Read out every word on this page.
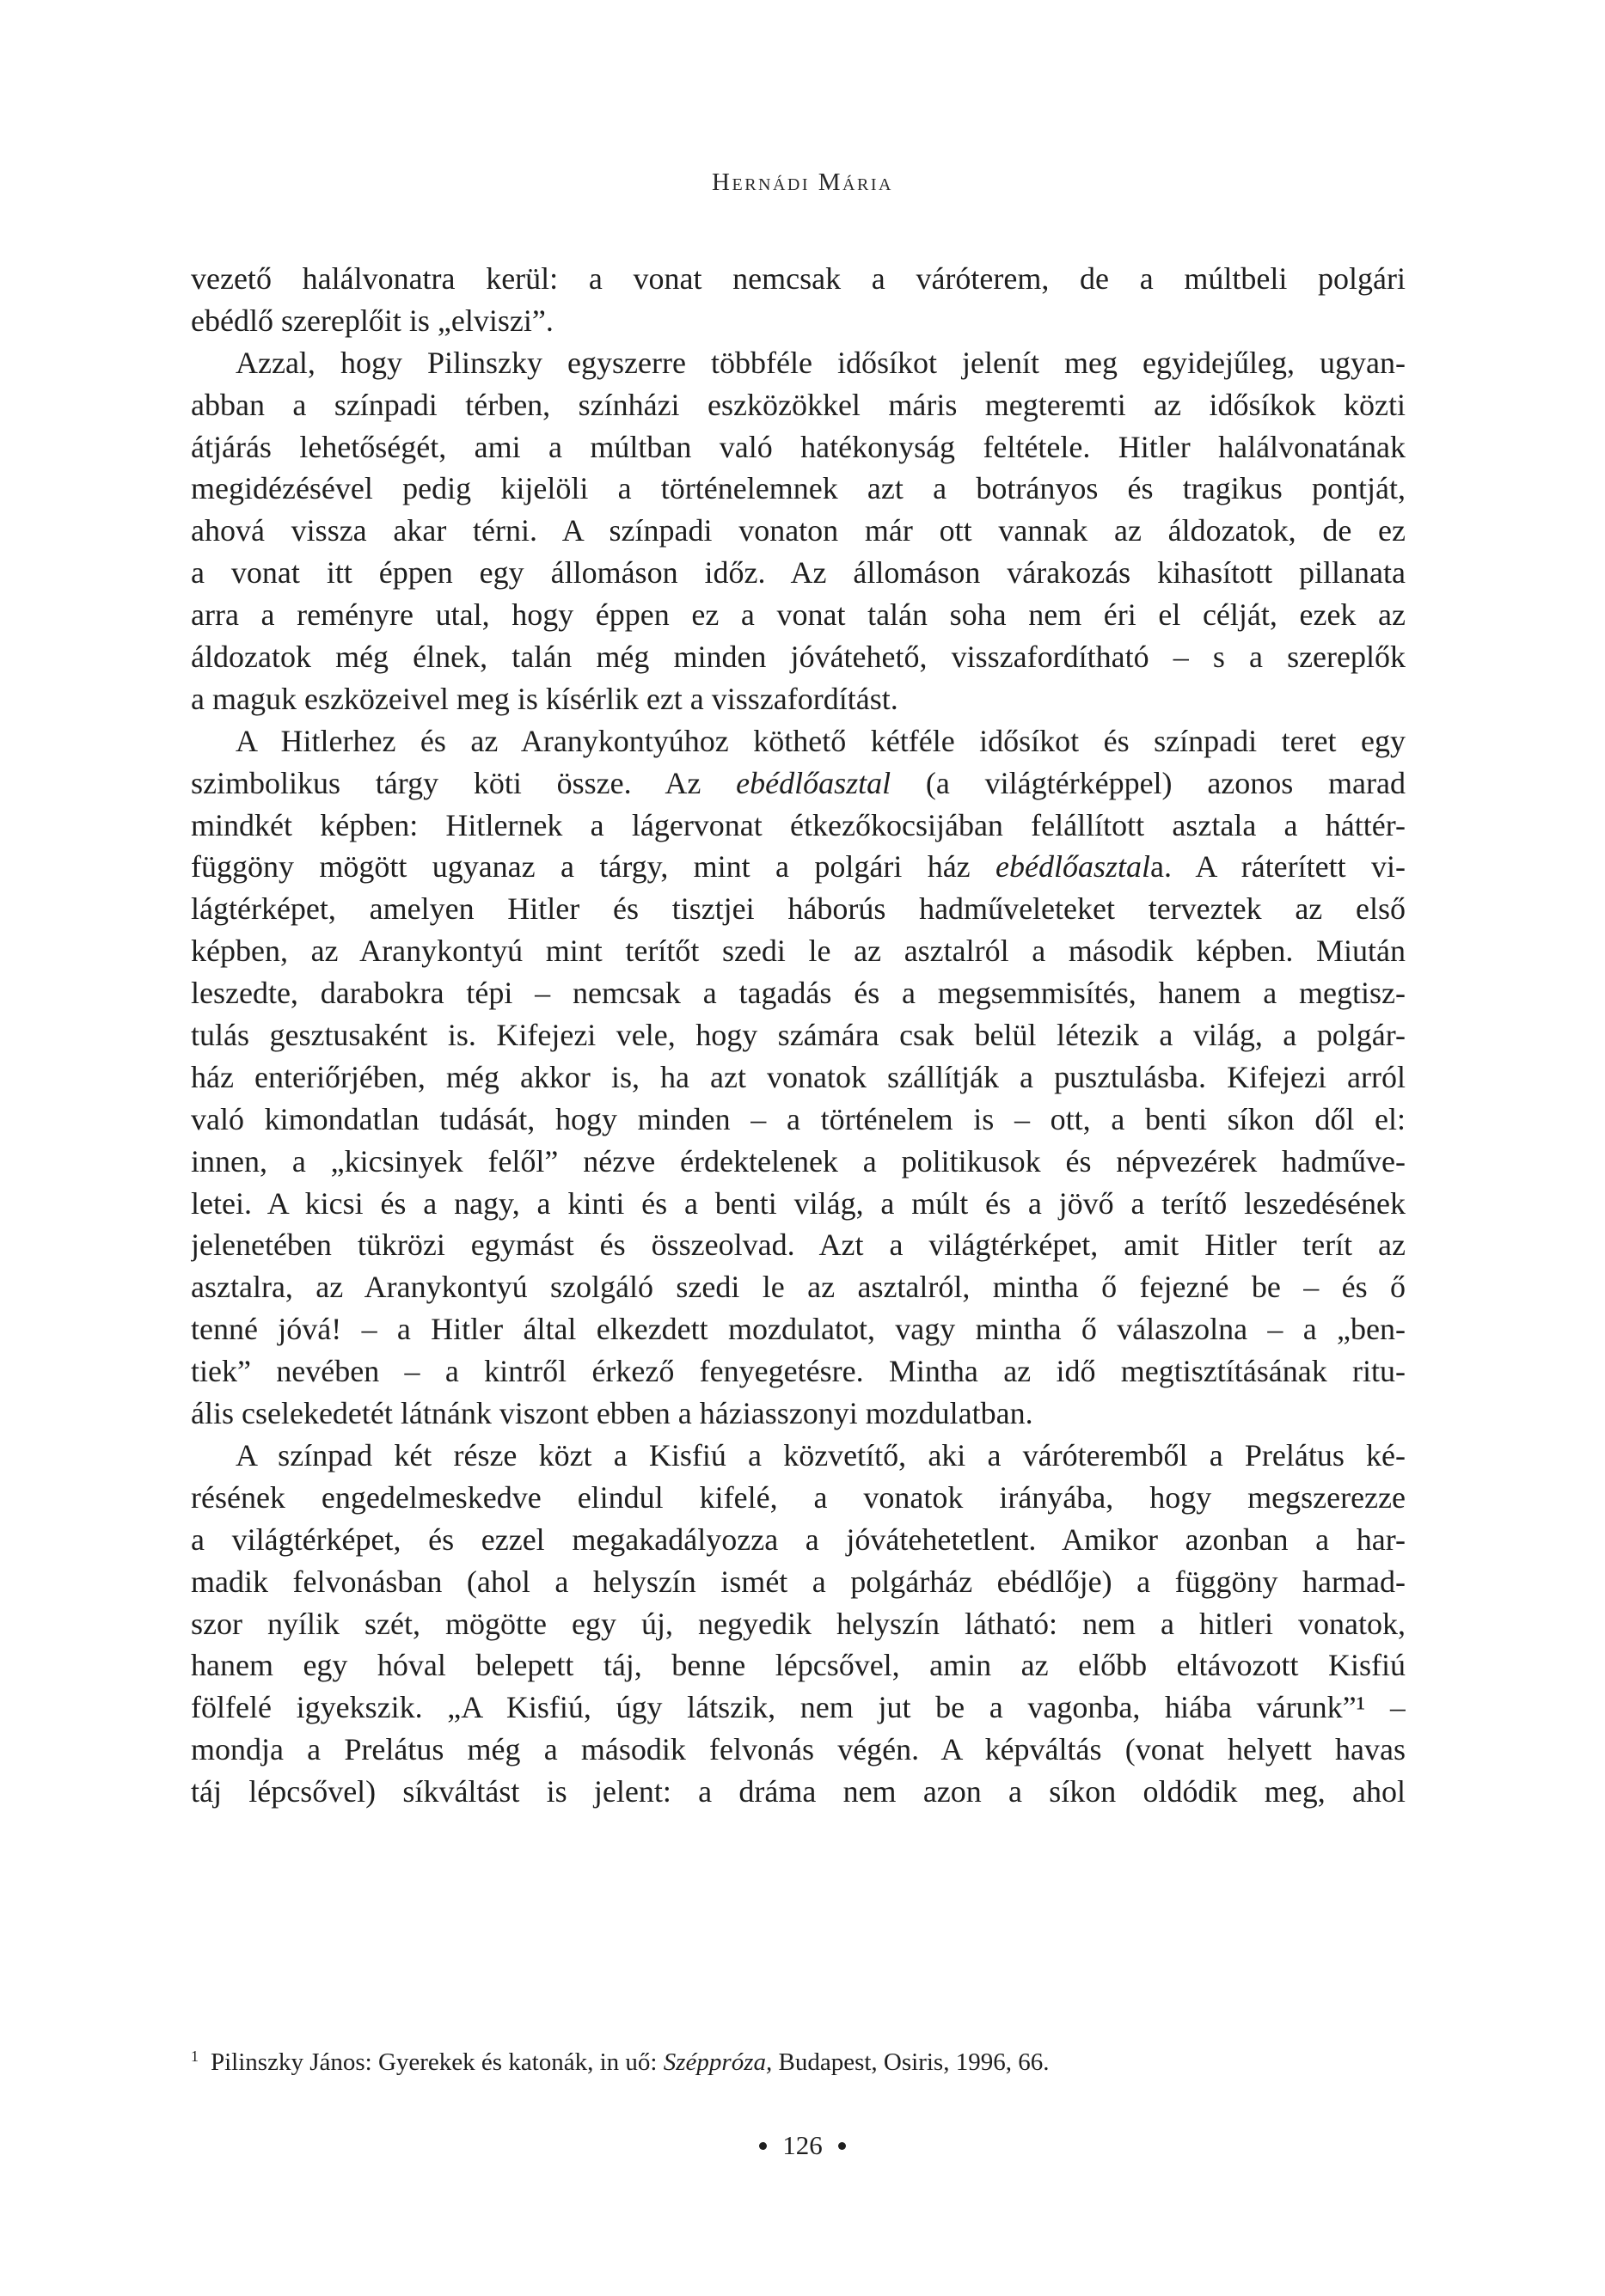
Hernádi Mária
vezető halálvonatra kerül: a vonat nemcsak a váróterem, de a múltbeli polgári
ebédlő szereplőit is „elviszi”.
Azzal, hogy Pilinszky egyszerre többféle idősíkot jelenít meg egyidejűleg, ugyan-
abban a színpadi térben, színházi eszközökkel máris megteremti az idősíkok közti
átjárás lehetőségét, ami a múltban való hatékonyság feltétele. Hitler halálvonatának
megidézésével pedig kijelöli a történelemnek azt a botrányos és tragikus pontját,
ahová vissza akar térni. A színpadi vonaton már ott vannak az áldozatok, de ez
a vonat itt éppen egy állomáson időz. Az állomáson várakozás kihasított pillanata
arra a reményre utal, hogy éppen ez a vonat talán soha nem éri el célját, ezek az
áldozatok még élnek, talán még minden jóvátehető, visszafordítható – s a szereplők
a maguk eszközeivel meg is kísérlik ezt a visszafordítást.
A Hitlerhez és az Aranykontyúhoz köthető kétféle idősíkot és színpadi teret egy
szimbolikus tárgy köti össze. Az ebédlőasztal (a világtérképpel) azonos marad
mindkét képben: Hitlernek a lágervonat étkezőkocsijában felállított asztala a háttér-
függöny mögött ugyanaz a tárgy, mint a polgári ház ebédlőasztala. A ráterített vi-
lágtérképet, amelyen Hitler és tisztjei háborús hadműveleteket terveztek az első
képben, az Aranykontyú mint terítőt szedi le az asztalról a második képben. Miután
leszedte, darabokra tépi – nemcsak a tagadás és a megsemmisítés, hanem a megtisz-
tulás gesztusaként is. Kifejezi vele, hogy számára csak belül létezik a világ, a polgár-
ház enteriőrjében, még akkor is, ha azt vonatok szállítják a pusztulásba. Kifejezi arról
való kimondatlan tudását, hogy minden – a történelem is – ott, a benti síkon dől el:
innen, a „kicsinyek felől” nézve érdektelenek a politikusok és népvezérek hadműve-
letei. A kicsi és a nagy, a kinti és a benti világ, a múlt és a jövő a terítő leszedésének
jelenetében tükrözi egymást és összeolvad. Azt a világtérképet, amit Hitler terít az
asztalra, az Aranykontyú szolgáló szedi le az asztalról, mintha ő fejezné be – és ő
tenné jóvá! – a Hitler által elkezdett mozdulatot, vagy mintha ő válaszolna – a „ben-
tiek” nevében – a kintről érkező fenyegetésre. Mintha az idő megtisztításának ritu-
ális cselekedetét látnánk viszont ebben a háziasszonyi mozdulatban.
A színpad két része közt a Kisfiú a közvetítő, aki a váróteremből a Prelátus ké-
résének engedelmeskedve elindul kifelé, a vonatok irányába, hogy megszerezze
a világtérképet, és ezzel megakadályozza a jóvátehetetlent. Amikor azonban a har-
madik felvonásban (ahol a helyszín ismét a polgárház ebédlője) a függöny harmad-
szor nyílik szét, mögötte egy új, negyedik helyszín látható: nem a hitleri vonatok,
hanem egy hóval belepett táj, benne lépcsővel, amin az előbb eltávozott Kisfiú
fölfelé igyekszik. „A Kisfiú, úgy látszik, nem jut be a vagonba, hiába várunk”¹ –
mondja a Prelátus még a második felvonás végén. A képváltás (vonat helyett havas
táj lépcsővel) síkváltást is jelent: a dráma nem azon a síkon oldódik meg, ahol
$^1$ Pilinszky János: Gyerekek és katonák, in uő: Széppróza, Budapest, Osiris, 1996, 66.
126
